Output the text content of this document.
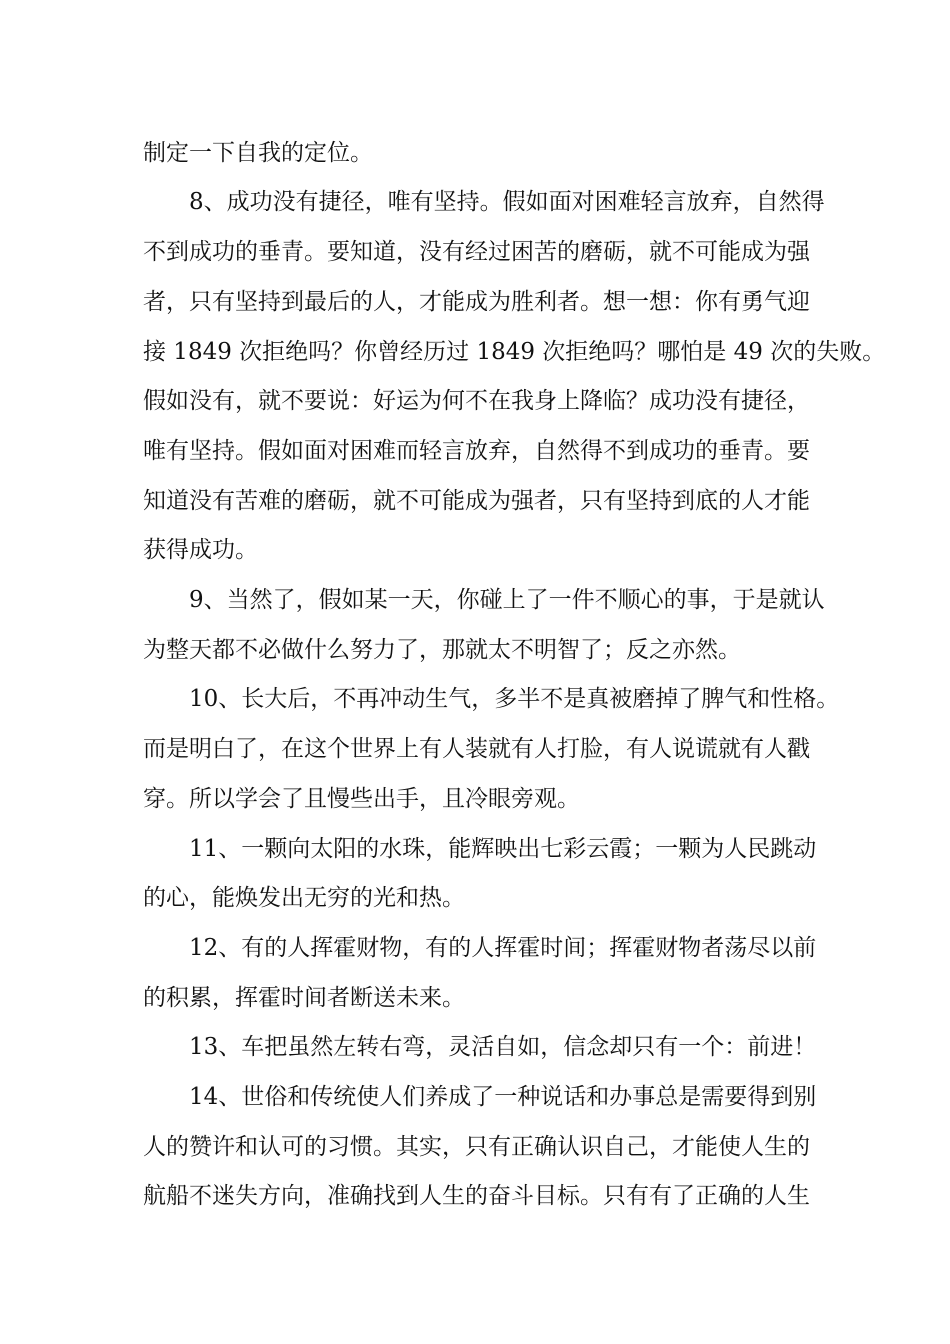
制定一下自我的定位。
8、成功没有捷径，唯有坚持。假如面对困难轻言放弃，自然得
不到成功的垂青。要知道，没有经过困苦的磨砺，就不可能成为强
者，只有坚持到最后的人，才能成为胜利者。想一想：你有勇气迎
接 1849 次拒绝吗？你曾经历过 1849 次拒绝吗？哪怕是 49 次的失败。
假如没有，就不要说：好运为何不在我身上降临？成功没有捷径，
唯有坚持。假如面对困难而轻言放弃，自然得不到成功的垂青。要
知道没有苦难的磨砺，就不可能成为强者，只有坚持到底的人才能
获得成功。
9、当然了，假如某一天，你碰上了一件不顺心的事，于是就认
为整天都不必做什么努力了，那就太不明智了；反之亦然。
10、长大后，不再冲动生气，多半不是真被磨掉了脾气和性格。
而是明白了，在这个世界上有人装就有人打脸，有人说谎就有人戳
穿。所以学会了且慢些出手，且冷眼旁观。
11、一颗向太阳的水珠，能辉映出七彩云霞；一颗为人民跳动
的心，能焕发出无穷的光和热。
12、有的人挥霍财物，有的人挥霍时间；挥霍财物者荡尽以前
的积累，挥霍时间者断送未来。
13、车把虽然左转右弯，灵活自如，信念却只有一个：前进！
14、世俗和传统使人们养成了一种说话和办事总是需要得到别
人的赞许和认可的习惯。其实，只有正确认识自己，才能使人生的
航船不迷失方向，准确找到人生的奋斗目标。只有有了正确的人生
